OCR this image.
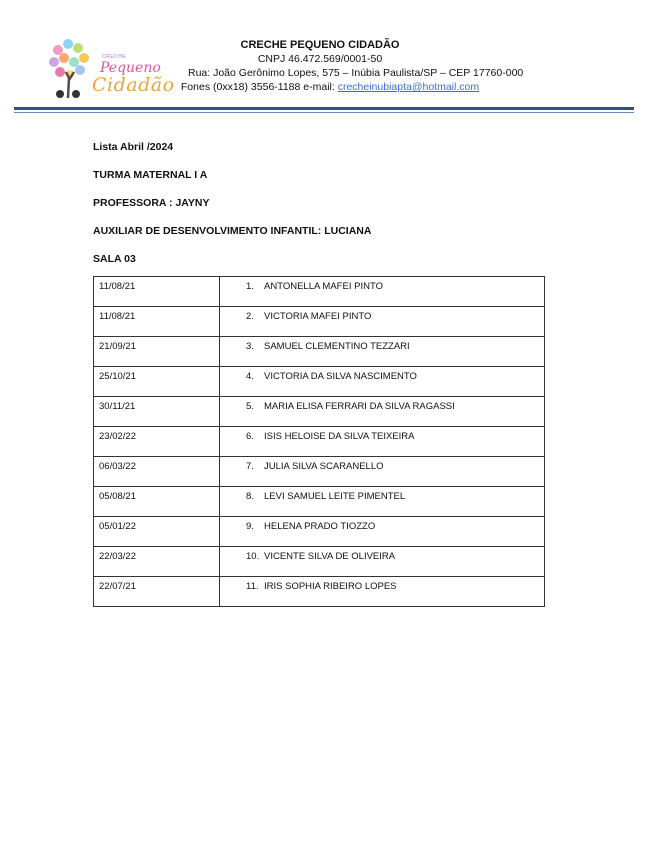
CRECHE
Pequeno
Cidadão
CRECHE PEQUENO CIDADÃO
CNPJ 46.472.569/0001-50
Rua: João Gerônimo Lopes, 575 – Inúbia Paulista/SP – CEP 17760-000
Fones (0xx18) 3556-1188 e-mail: crecheinubiapta@hotmail.com
Lista Abril /2024
TURMA MATERNAL I A
PROFESSORA : JAYNY
AUXILIAR DE DESENVOLVIMENTO INFANTIL: LUCIANA
SALA 03
11/08/21	1. ANTONELLA MAFEI PINTO
11/08/21	2. VICTORIA MAFEI PINTO
21/09/21	3. SAMUEL CLEMENTINO TEZZARI
25/10/21	4. VICTORIA DA SILVA NASCIMENTO
30/11/21	5. MARIA ELISA FERRARI DA SILVA RAGASSI
23/02/22	6. ISIS HELOISE DA SILVA TEIXEIRA
06/03/22	7. JULIA SILVA SCARANELLO
05/08/21	8. LEVI SAMUEL LEITE PIMENTEL
05/01/22	9. HELENA PRADO TIOZZO
22/03/22	10. VICENTE SILVA DE OLIVEIRA
22/07/21	11. IRIS SOPHIA RIBEIRO LOPES
